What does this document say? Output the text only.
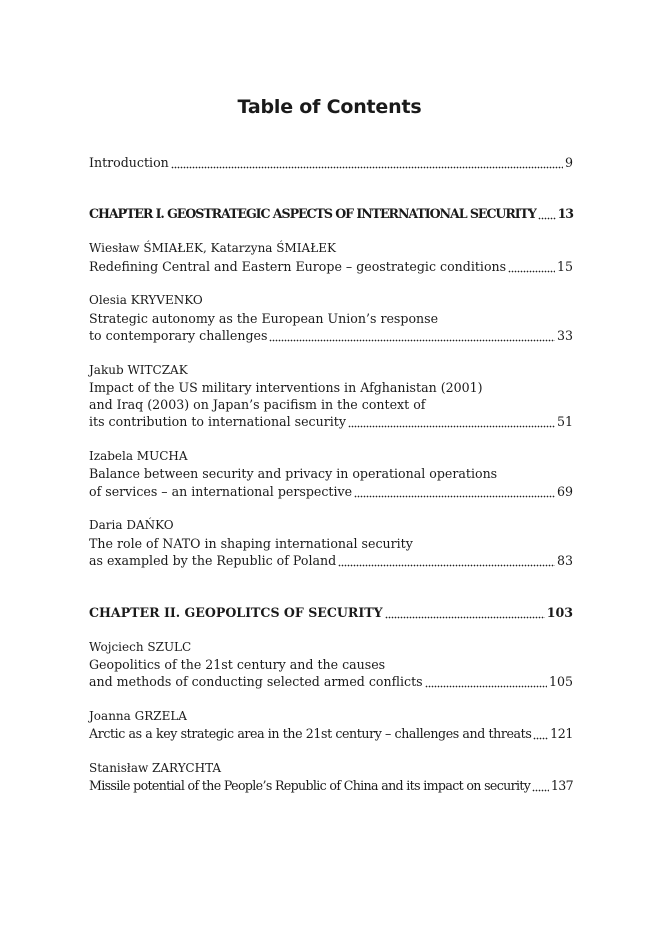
Table of Contents
Introduction	9
CHAPTER I. GEOSTRATEGIC ASPECTS OF INTERNATIONAL SECURITY 13
Wiesław ŚMIAŁEK, Katarzyna ŚMIAŁEK
Redefining Central and Eastern Europe – geostrategic conditions	15
Olesia KRYVENKO
Strategic autonomy as the European Union’s response
to contemporary challenges	33
Jakub WITCZAK
Impact of the US military interventions in Afghanistan (2001)
and Iraq (2003) on Japan’s pacifism in the context of
its contribution to international security	51
Izabela MUCHA
Balance between security and privacy in operational operations
of services – an international perspective	69
Daria DAŃKO
The role of NATO in shaping international security
as exampled by the Republic of Poland	83
CHAPTER II. GEOPOLITCS OF SECURITY	103
Wojciech SZULC
Geopolitics of the 21st century and the causes
and methods of conducting selected armed conflicts	105
Joanna GRZELA
Arctic as a key strategic area in the 21st century – challenges and threats 121
Stanisław ZARYCHTA
Missile potential of the People’s Republic of China and its impact on security 137
